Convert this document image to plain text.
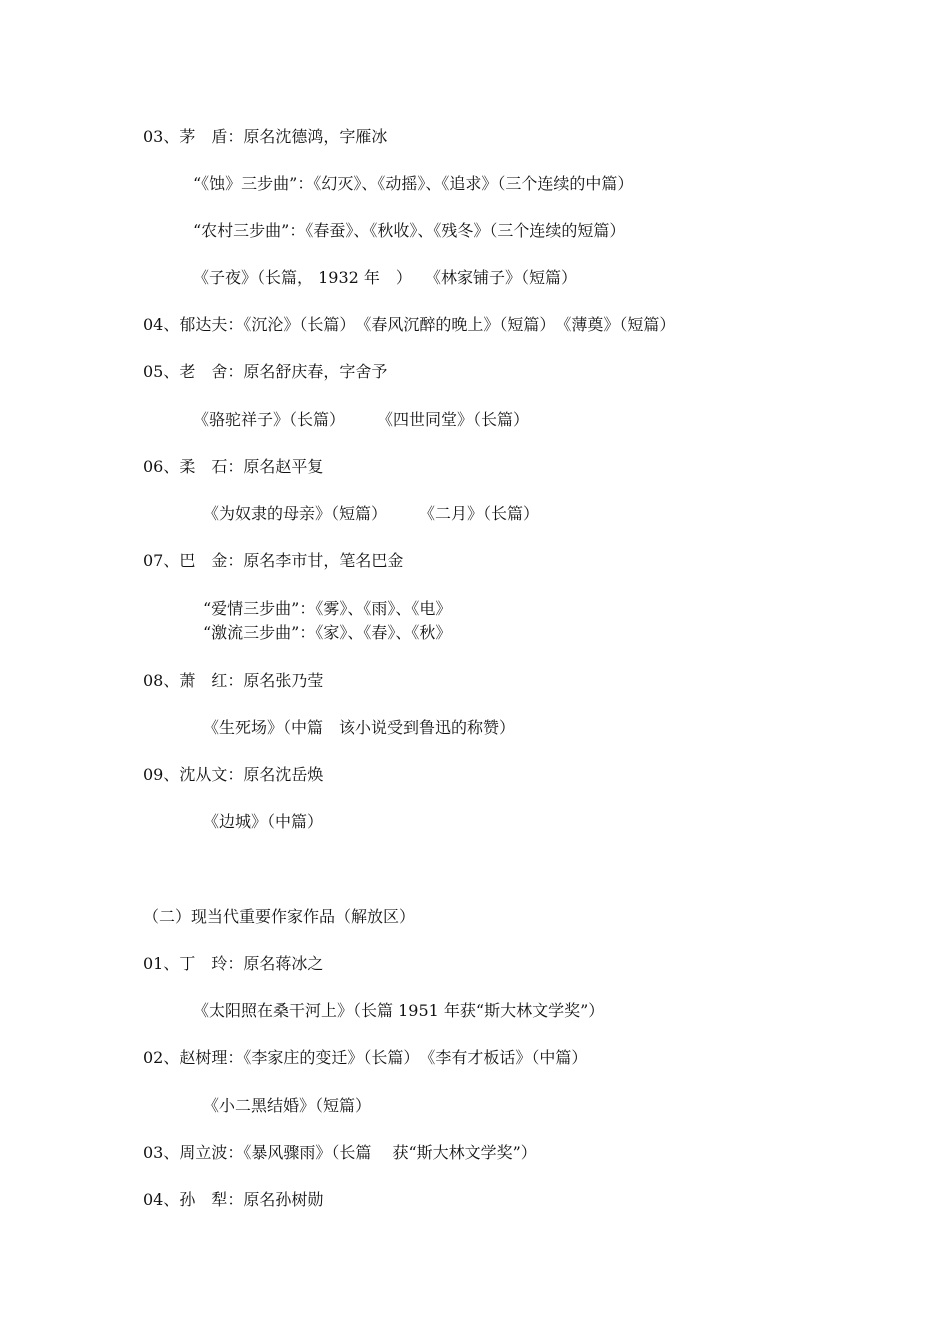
03、茅　盾：原名沈德鸿，字雁冰
“《蚀》三步曲”：《幻灭》、《动摇》、《追求》（三个连续的中篇）
“农村三步曲”：《春蚕》、《秋收》、《残冬》（三个连续的短篇）
《子夜》（长篇， 1932 年　）　 《林家铺子》（短篇）
04、郁达夫：《沉沦》（长篇）　《春风沉醉的晚上》（短篇）　《薄奠》（短篇）
05、老　舍：原名舒庆春，字舍予
《骆驼祥子》（长篇）　　　《四世同堂》（长篇）
06、柔　石：原名赵平复
《为奴隶的母亲》（短篇）　　　《二月》（长篇）
07、巴　金：原名李市甘，笔名巴金
“爱情三步曲”：《雾》、《雨》、《电》
“激流三步曲”：《家》、《春》、《秋》
08、萧　红：原名张乃莹
《生死场》（中篇　该小说受到鲁迅的称赞）
09、沈从文：原名沈岳焕
《边城》（中篇）
（二）现当代重要作家作品（解放区）
01、丁　玲：原名蒋冰之
《太阳照在桑干河上》（长篇 1951 年获“斯大林文学奖”）
02、赵树理：《李家庄的变迁》（长篇）　《李有才板话》（中篇）
《小二黑结婚》（短篇）
03、周立波：《暴风骤雨》（长篇　 获“斯大林文学奖”）
04、孙　犁：原名孙树勋
